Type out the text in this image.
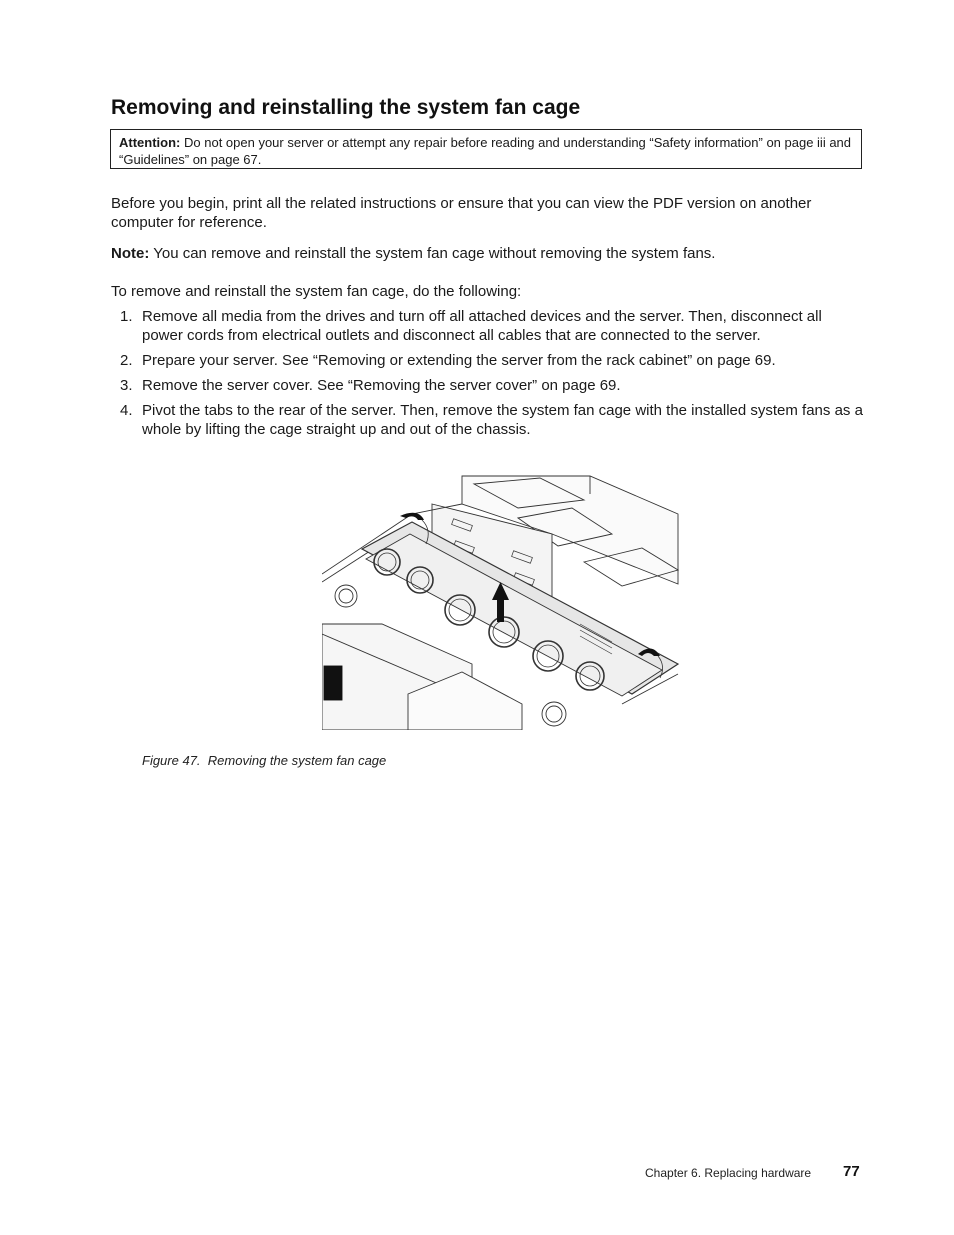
Removing and reinstalling the system fan cage
Attention: Do not open your server or attempt any repair before reading and understanding “Safety information” on page iii and “Guidelines” on page 67.

Before you begin, print all the related instructions or ensure that you can view the PDF version on another computer for reference.

Note: You can remove and reinstall the system fan cage without removing the system fans.

To remove and reinstall the system fan cage, do the following:

1. Remove all media from the drives and turn off all attached devices and the server. Then, disconnect all power cords from electrical outlets and disconnect all cables that are connected to the server.
2. Prepare your server. See “Removing or extending the server from the rack cabinet” on page 69.
3. Remove the server cover. See “Removing the server cover” on page 69.
4. Pivot the tabs to the rear of the server. Then, remove the system fan cage with the installed system fans as a whole by lifting the cage straight up and out of the chassis.
Figure 47. Removing the system fan cage
Chapter 6. Replacing hardware 77
